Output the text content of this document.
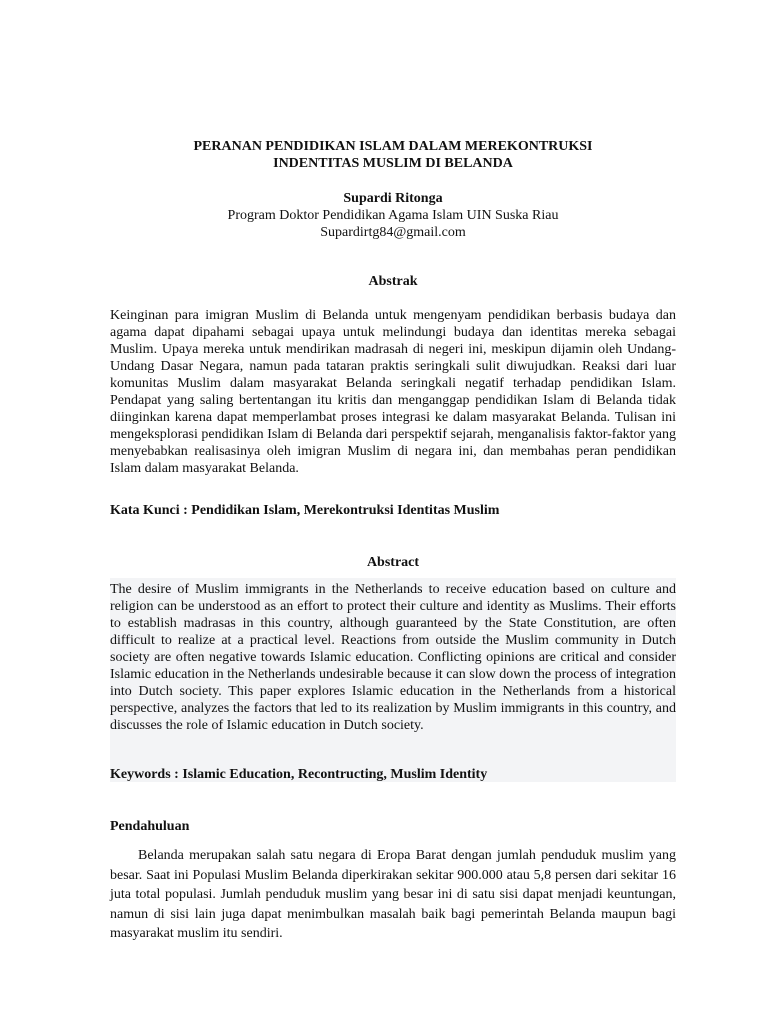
PERANAN PENDIDIKAN ISLAM DALAM MEREKONTRUKSI
INDENTITAS MUSLIM DI BELANDA
Supardi Ritonga
Program Doktor Pendidikan Agama Islam UIN Suska Riau
Supardirtg84@gmail.com
Abstrak

Keinginan para imigran Muslim di Belanda untuk mengenyam pendidikan berbasis budaya dan agama dapat dipahami sebagai upaya untuk melindungi budaya dan identitas mereka sebagai Muslim. Upaya mereka untuk mendirikan madrasah di negeri ini, meskipun dijamin oleh Undang-Undang Dasar Negara, namun pada tataran praktis seringkali sulit diwujudkan. Reaksi dari luar komunitas Muslim dalam masyarakat Belanda seringkali negatif terhadap pendidikan Islam. Pendapat yang saling bertentangan itu kritis dan menganggap pendidikan Islam di Belanda tidak diinginkan karena dapat memperlambat proses integrasi ke dalam masyarakat Belanda. Tulisan ini mengeksplorasi pendidikan Islam di Belanda dari perspektif sejarah, menganalisis faktor-faktor yang menyebabkan realisasinya oleh imigran Muslim di negara ini, dan membahas peran pendidikan Islam dalam masyarakat Belanda.

Kata Kunci : Pendidikan Islam, Merekontruksi Identitas Muslim

Abstract

The desire of Muslim immigrants in the Netherlands to receive education based on culture and religion can be understood as an effort to protect their culture and identity as Muslims. Their efforts to establish madrasas in this country, although guaranteed by the State Constitution, are often difficult to realize at a practical level. Reactions from outside the Muslim community in Dutch society are often negative towards Islamic education. Conflicting opinions are critical and consider Islamic education in the Netherlands undesirable because it can slow down the process of integration into Dutch society. This paper explores Islamic education in the Netherlands from a historical perspective, analyzes the factors that led to its realization by Muslim immigrants in this country, and discusses the role of Islamic education in Dutch society.

Keywords : Islamic Education, Recontructing, Muslim Identity

Pendahuluan

Belanda merupakan salah satu negara di Eropa Barat dengan jumlah penduduk muslim yang besar. Saat ini Populasi Muslim Belanda diperkirakan sekitar 900.000 atau 5,8 persen dari sekitar 16 juta total populasi. Jumlah penduduk muslim yang besar ini di satu sisi dapat menjadi keuntungan, namun di sisi lain juga dapat menimbulkan masalah baik bagi pemerintah Belanda maupun bagi masyarakat muslim itu sendiri.
